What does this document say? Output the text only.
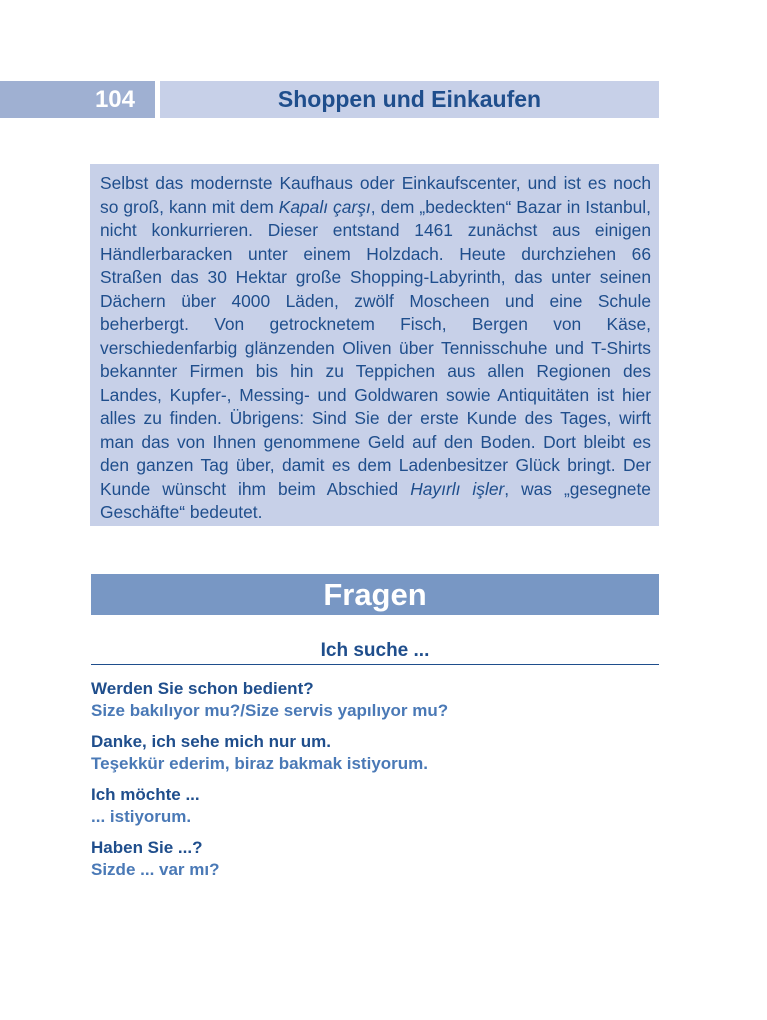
104	Shoppen und Einkaufen
Selbst das modernste Kaufhaus oder Einkaufscenter, und ist es noch so groß, kann mit dem Kapalı çarşı, dem „bedeckten“ Bazar in Istanbul, nicht konkurrieren. Dieser entstand 1461 zunächst aus einigen Händlerbaracken unter einem Holzdach. Heute durchziehen 66 Straßen das 30 Hektar große Shopping-Labyrinth, das unter seinen Dächern über 4000 Läden, zwölf Moscheen und eine Schule beherbergt. Von getrocknetem Fisch, Bergen von Käse, verschiedenfarbig glänzenden Oliven über Tennisschuhe und T-Shirts bekannter Firmen bis hin zu Teppichen aus allen Regionen des Landes, Kupfer-, Messing- und Goldwaren sowie Antiquitäten ist hier alles zu finden. Übrigens: Sind Sie der erste Kunde des Tages, wirft man das von Ihnen genommene Geld auf den Boden. Dort bleibt es den ganzen Tag über, damit es dem Ladenbesitzer Glück bringt. Der Kunde wünscht ihm beim Abschied Hayırlı işler, was „gesegnete Geschäfte“ bedeutet.
Fragen
Ich suche ...
Werden Sie schon bedient?
Size bakılıyor mu?/Size servis yapılıyor mu?
Danke, ich sehe mich nur um.
Teşekkür ederim, biraz bakmak istiyorum.
Ich möchte ...
... istiyorum.
Haben Sie ...?
Sizde ... var mı?
